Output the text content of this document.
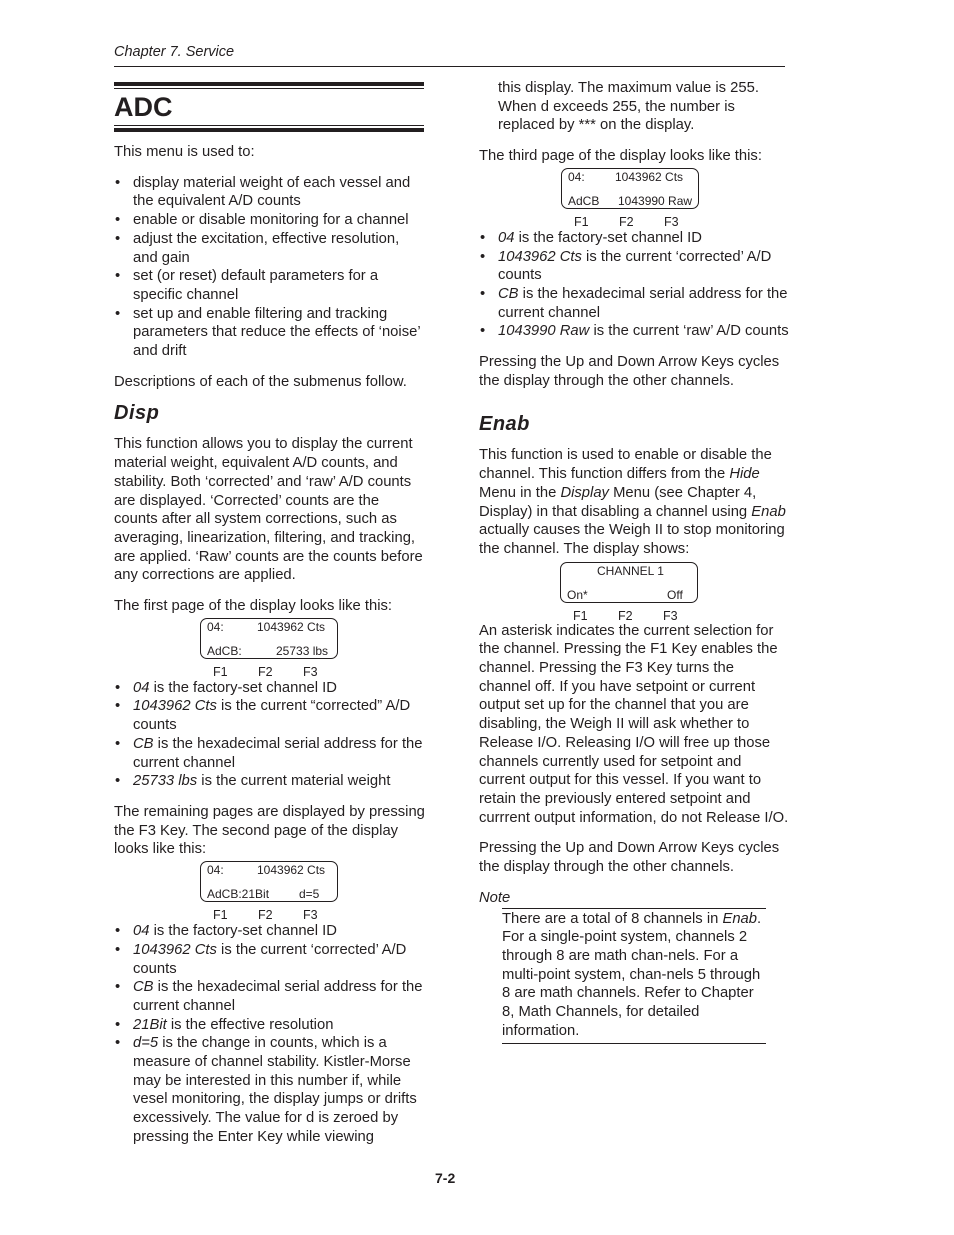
Chapter 7. Service
ADC

This menu is used to:

• display material weight of each vessel and the equivalent A/D counts
• enable or disable monitoring for a channel
• adjust the excitation, effective resolution, and gain
• set (or reset) default parameters for a specific channel
• set up and enable filtering and tracking parameters that reduce the effects of ‘noise’ and drift

Descriptions of each of the submenus follow.

Disp

This function allows you to display the current material weight, equivalent A/D counts, and stability. Both ‘corrected’ and ‘raw’ A/D counts are displayed. ‘Corrected’ counts are the counts after all system corrections, such as averaging, linearization, filtering, and tracking, are applied. ‘Raw’ counts are the counts before any corrections are applied.

The first page of the display looks like this:

04:	1043962 Cts
AdCB:	25733 lbs
F1 F2 F3
• 04 is the factory-set channel ID
• 1043962 Cts is the current “corrected” A/D counts
• CB is the hexadecimal serial address for the current channel
• 25733 lbs is the current material weight

The remaining pages are displayed by pressing the F3 Key. The second page of the display looks like this:

04:	1043962 Cts
AdCB:21Bit d=5
F1 F2 F3
• 04 is the factory-set channel ID
• 1043962 Cts is the current ‘corrected’ A/D counts
• CB is the hexadecimal serial address for the current channel
• 21Bit is the effective resolution
• d=5 is the change in counts, which is a measure of channel stability. Kistler-Morse may be interested in this number if, while vesel monitoring, the display jumps or drifts excessively. The value for d is zeroed by pressing the Enter Key while viewing

this display. The maximum value is 255. When d exceeds 255, the number is replaced by *** on the display.

The third page of the display looks like this:

04:	1043962 Cts
AdCB 1043990 Raw
F1 F2 F3
• 04 is the factory-set channel ID
• 1043962 Cts is the current ‘corrected’ A/D counts
• CB is the hexadecimal serial address for the current channel
• 1043990 Raw is the current ‘raw’ A/D counts

Pressing the Up and Down Arrow Keys cycles the display through the other channels.

Enab

This function is used to enable or disable the channel. This function differs from the Hide Menu in the Display Menu (see Chapter 4, Display) in that disabling a channel using Enab actually causes the Weigh II to stop monitoring the channel. The display shows:

CHANNEL 1
On*	Off
F1 F2 F3

An asterisk indicates the current selection for the channel. Pressing the F1 Key enables the channel. Pressing the F3 Key turns the channel off. If you have setpoint or current output set up for the channel that you are disabling, the Weigh II will ask whether to Release I/O. Releasing I/O will free up those channels currently used for setpoint and current output for this vessel. If you want to retain the previously entered setpoint and currrent output information, do not Release I/O.

Pressing the Up and Down Arrow Keys cycles the display through the other channels.

Note

There are a total of 8 channels in Enab. For a single-point system, channels 2 through 8 are math chan-nels. For a multi-point system, chan-nels 5 through 8 are math channels. Refer to Chapter 8, Math Channels, for detailed information.
7-2
